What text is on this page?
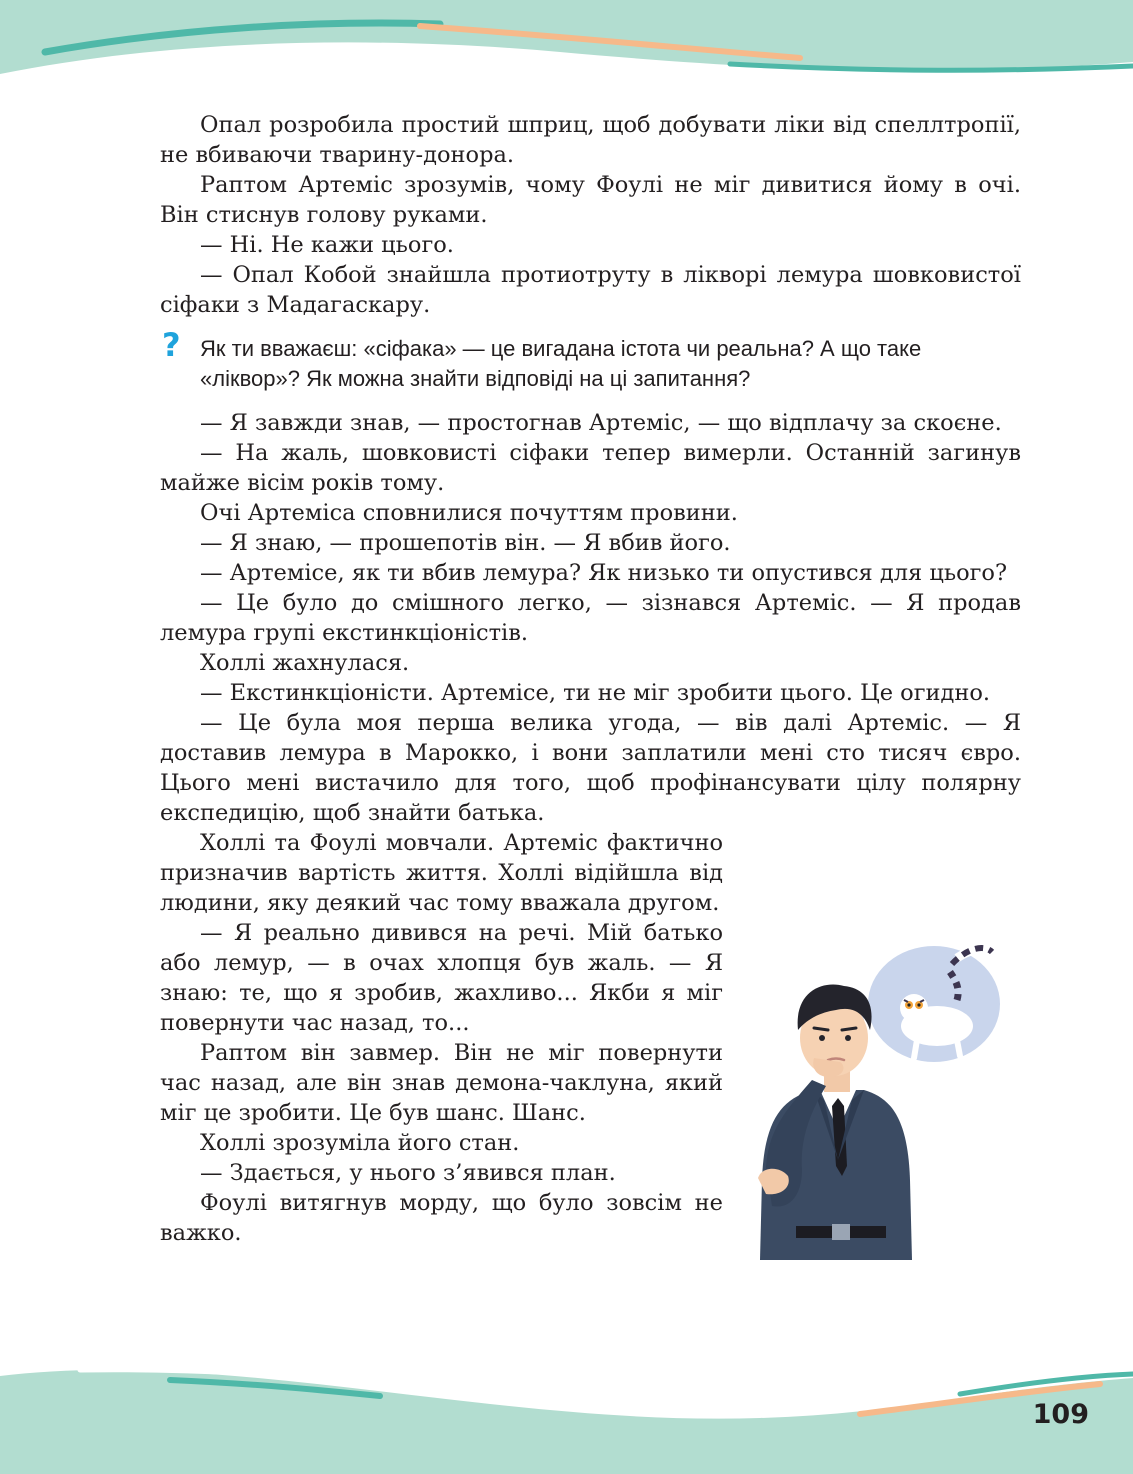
Опал розробила простий шприц, щоб добувати ліки від спеллтропії, не вбиваючи тварину-донора.

Раптом Артеміс зрозумів, чому Фоулі не міг дивитися йому в очі. Він стиснув голову руками.

— Ні. Не кажи цього.

— Опал Кобой знайшла протиотруту в лікворі лемура шовковистої сіфаки з Мадагаскару.

? Як ти вважаєш: «сіфака» — це вигадана істота чи реальна? А що таке «ліквор»? Як можна знайти відповіді на ці запитання?

— Я завжди знав, — простогнав Артеміс, — що відплачу за скоєне.

— На жаль, шовковисті сіфаки тепер вимерли. Останній загинув майже вісім років тому.

Очі Артеміса сповнилися почуттям провини.

— Я знаю, — прошепотів він. — Я вбив його.

— Артемісе, як ти вбив лемура? Як низько ти опустився для цього?

— Це було до смішного легко, — зізнався Артеміс. — Я продав лемура групі екстинкціоністів.

Холлі жахнулася.

— Екстинкціоністи. Артемісе, ти не міг зробити цього. Це огидно.

— Це була моя перша велика угода, — вів далі Артеміс. — Я доставив лемура в Марокко, і вони заплатили мені сто тисяч євро. Цього мені вистачило для того, щоб профінансувати цілу полярну експедицію, щоб знайти батька.

Холлі та Фоулі мовчали. Артеміс фактично призначив вартість життя. Холлі відійшла від людини, яку деякий час тому вважала другом.

— Я реально дивився на речі. Мій батько або лемур, — в очах хлопця був жаль. — Я знаю: те, що я зробив, жахливо... Якби я міг повернути час назад, то...

Раптом він завмер. Він не міг повернути час назад, але він знав демона-чаклуна, який міг це зробити. Це був шанс. Шанс.

Холлі зрозуміла його стан.

— Здається, у нього з’явився план.

Фоулі витягнув морду, що було зовсім не важко.

109
